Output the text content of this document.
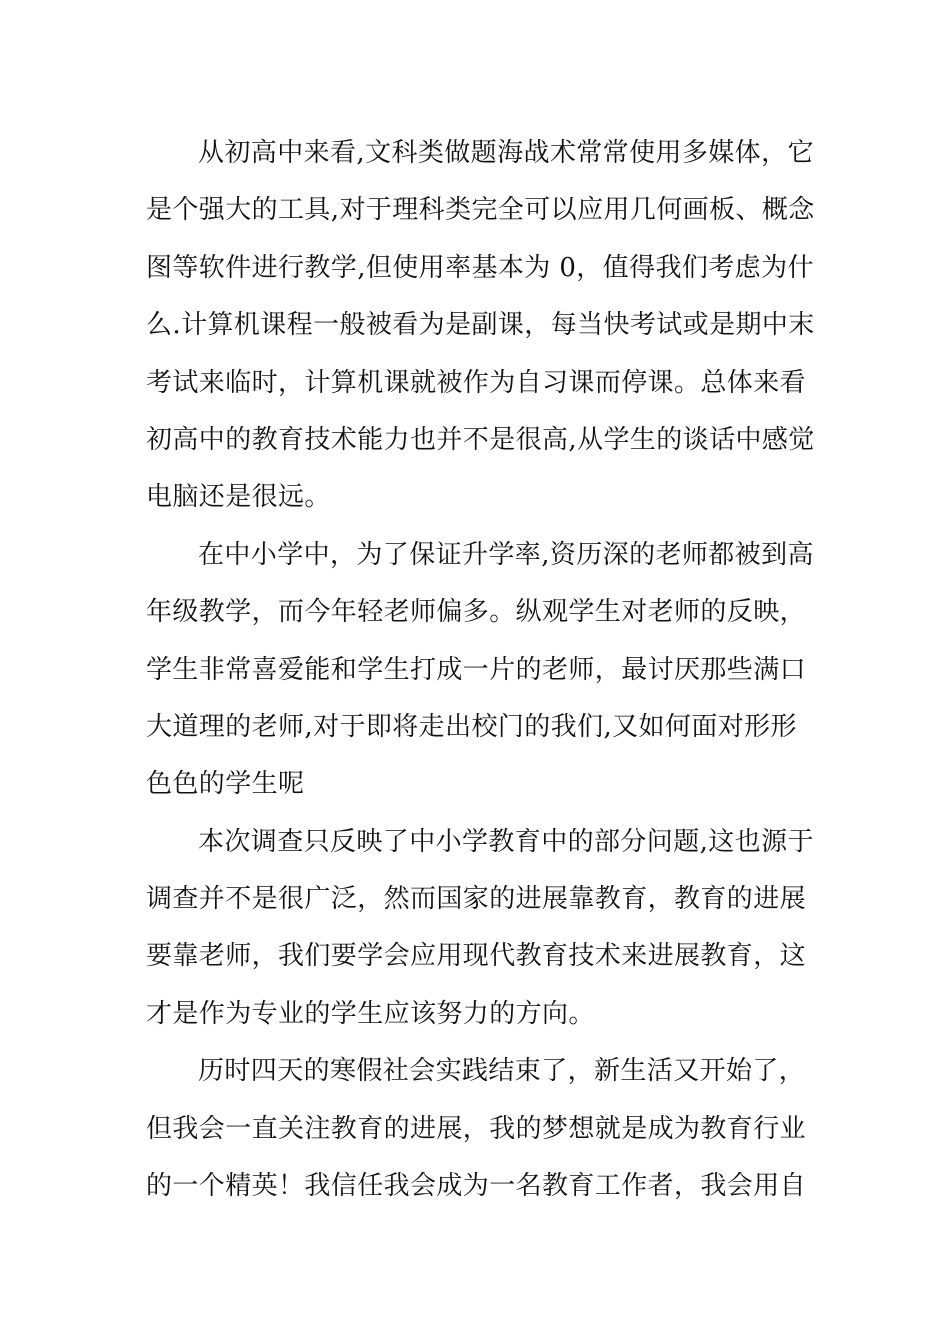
从初高中来看,文科类做题海战术常常使用多媒体，它
是个强大的工具,对于理科类完全可以应用几何画板、概念
图等软件进行教学,但使用率基本为 0，值得我们考虑为什
么.计算机课程一般被看为是副课，每当快考试或是期中末
考试来临时，计算机课就被作为自习课而停课。总体来看
初高中的教育技术能力也并不是很高,从学生的谈话中感觉
电脑还是很远。
在中小学中，为了保证升学率,资历深的老师都被到高
年级教学，而今年轻老师偏多。纵观学生对老师的反映，
学生非常喜爱能和学生打成一片的老师，最讨厌那些满口
大道理的老师,对于即将走出校门的我们,又如何面对形形
色色的学生呢
本次调查只反映了中小学教育中的部分问题,这也源于
调查并不是很广泛，然而国家的进展靠教育，教育的进展
要靠老师，我们要学会应用现代教育技术来进展教育，这
才是作为专业的学生应该努力的方向。
历时四天的寒假社会实践结束了，新生活又开始了，
但我会一直关注教育的进展，我的梦想就是成为教育行业
的一个精英！我信任我会成为一名教育工作者，我会用自
